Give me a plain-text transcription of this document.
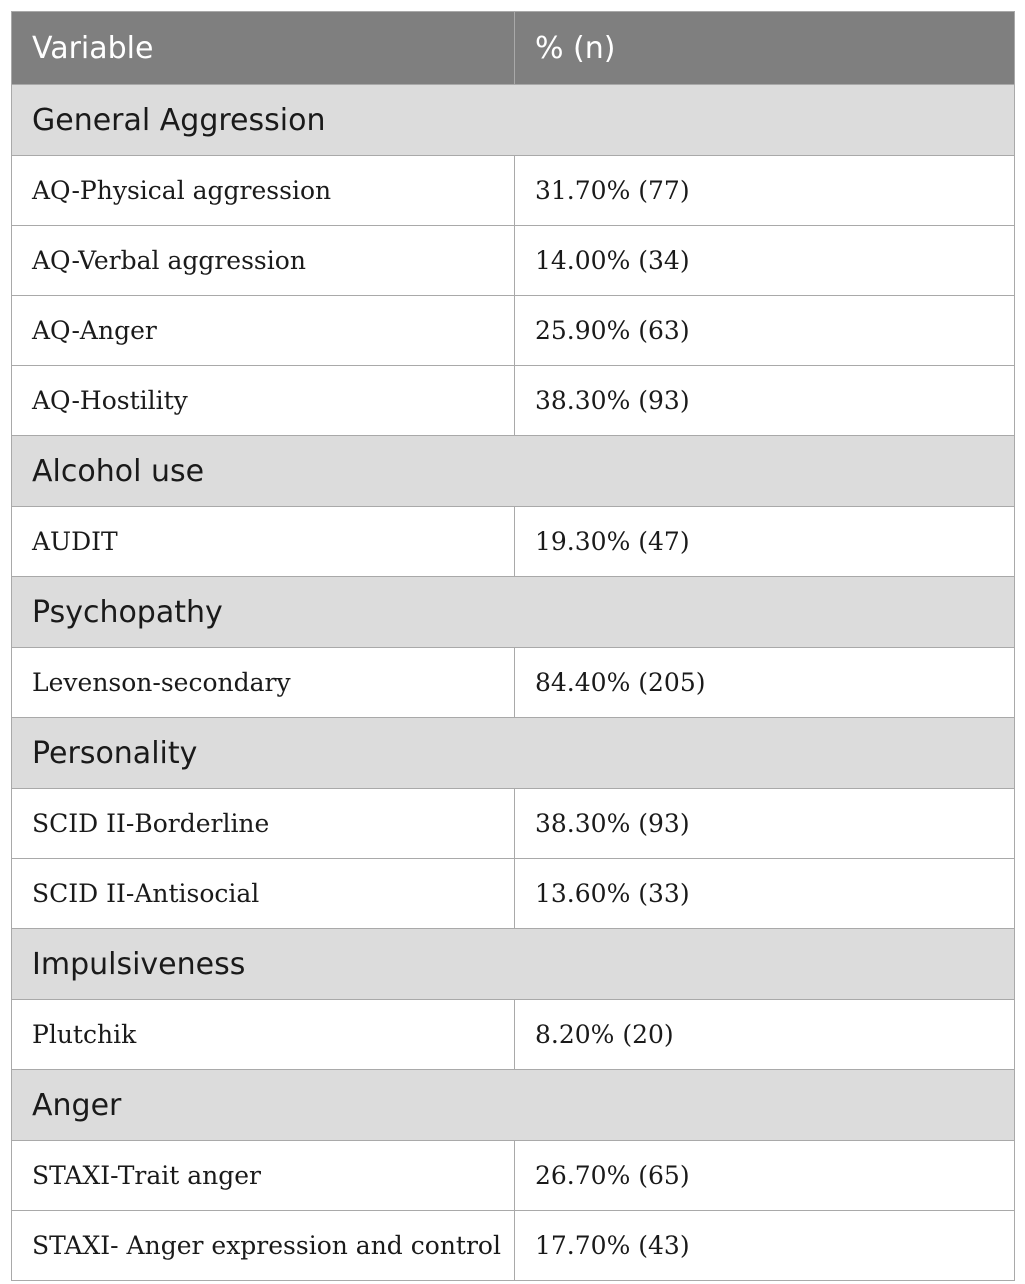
Variable	% (n)
General Aggression	
AQ-Physical aggression	31.70% (77)
AQ-Verbal aggression	14.00% (34)
AQ-Anger	25.90% (63)
AQ-Hostility	38.30% (93)
Alcohol use	
AUDIT	19.30% (47)
Psychopathy	
Levenson-secondary	84.40% (205)
Personality	
SCID II-Borderline	38.30% (93)
SCID II-Antisocial	13.60% (33)
Impulsiveness	
Plutchik	8.20% (20)
Anger	
STAXI-Trait anger	26.70% (65)
STAXI- Anger expression and control	17.70% (43)
